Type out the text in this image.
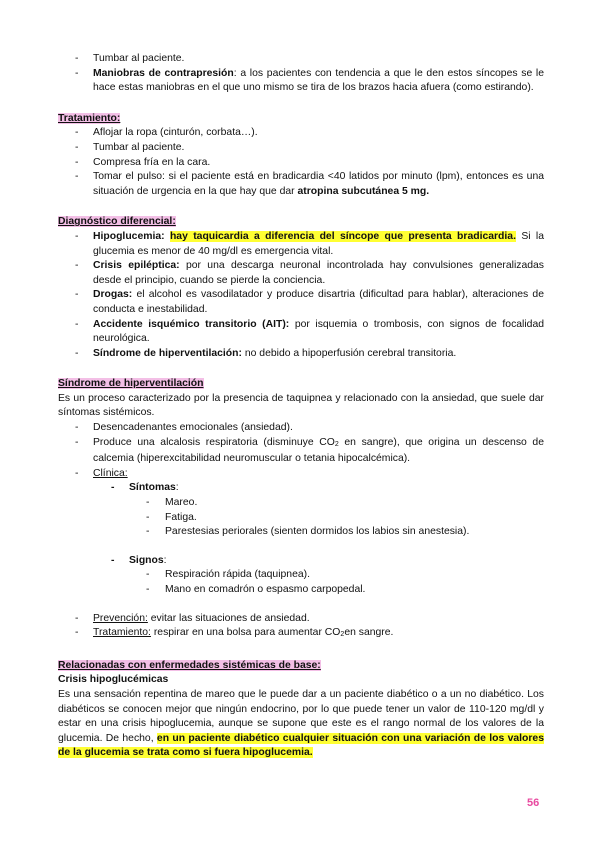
- Tumbar al paciente.
- Maniobras de contrapresión: a los pacientes con tendencia a que le den estos síncopes se le hace estas maniobras en el que uno mismo se tira de los brazos hacia afuera (como estirando).
Tratamiento:
- Aflojar la ropa (cinturón, corbata…).
- Tumbar al paciente.
- Compresa fría en la cara.
- Tomar el pulso: si el paciente está en bradicardia <40 latidos por minuto (lpm), entonces es una situación de urgencia en la que hay que dar atropina subcutánea 5 mg.
Diagnóstico diferencial:
- Hipoglucemia: hay taquicardia a diferencia del síncope que presenta bradicardia. Si la glucemia es menor de 40 mg/dl es emergencia vital.
- Crisis epiléptica: por una descarga neuronal incontrolada hay convulsiones generalizadas desde el principio, cuando se pierde la conciencia.
- Drogas: el alcohol es vasodilatador y produce disartria (dificultad para hablar), alteraciones de conducta e inestabilidad.
- Accidente isquémico transitorio (AIT): por isquemia o trombosis, con signos de focalidad neurológica.
- Síndrome de hiperventilación: no debido a hipoperfusión cerebral transitoria.
Síndrome de hiperventilación
Es un proceso caracterizado por la presencia de taquipnea y relacionado con la ansiedad, que suele dar síntomas sistémicos.
- Desencadenantes emocionales (ansiedad).
- Produce una alcalosis respiratoria (disminuye $CO_2$ en sangre), que origina un descenso de calcemia (hiperexcitabilidad neuromuscular o tetania hipocalcémica).
- Clínica:
- Síntomas:
- Mareo.
- Fatiga.
- Parestesias periorales (sienten dormidos los labios sin anestesia).
- Signos:
- Respiración rápida (taquipnea).
- Mano en comadrón o espasmo carpopedal.
- Prevención: evitar las situaciones de ansiedad.
- Tratamiento: respirar en una bolsa para aumentar $CO_2en$ sangre.
Relacionadas con enfermedades sistémicas de base:
Crisis hipoglucémicas
Es una sensación repentina de mareo que le puede dar a un paciente diabético o a un no diabético. Los diabéticos se conocen mejor que ningún endocrino, por lo que puede tener un valor de 110-120 mg/dl y estar en una crisis hipoglucemia, aunque se supone que este es el rango normal de los valores de la glucemia. De hecho, en un paciente diabético cualquier situación con una variación de los valores de la glucemia se trata como si fuera hipoglucemia.
56
